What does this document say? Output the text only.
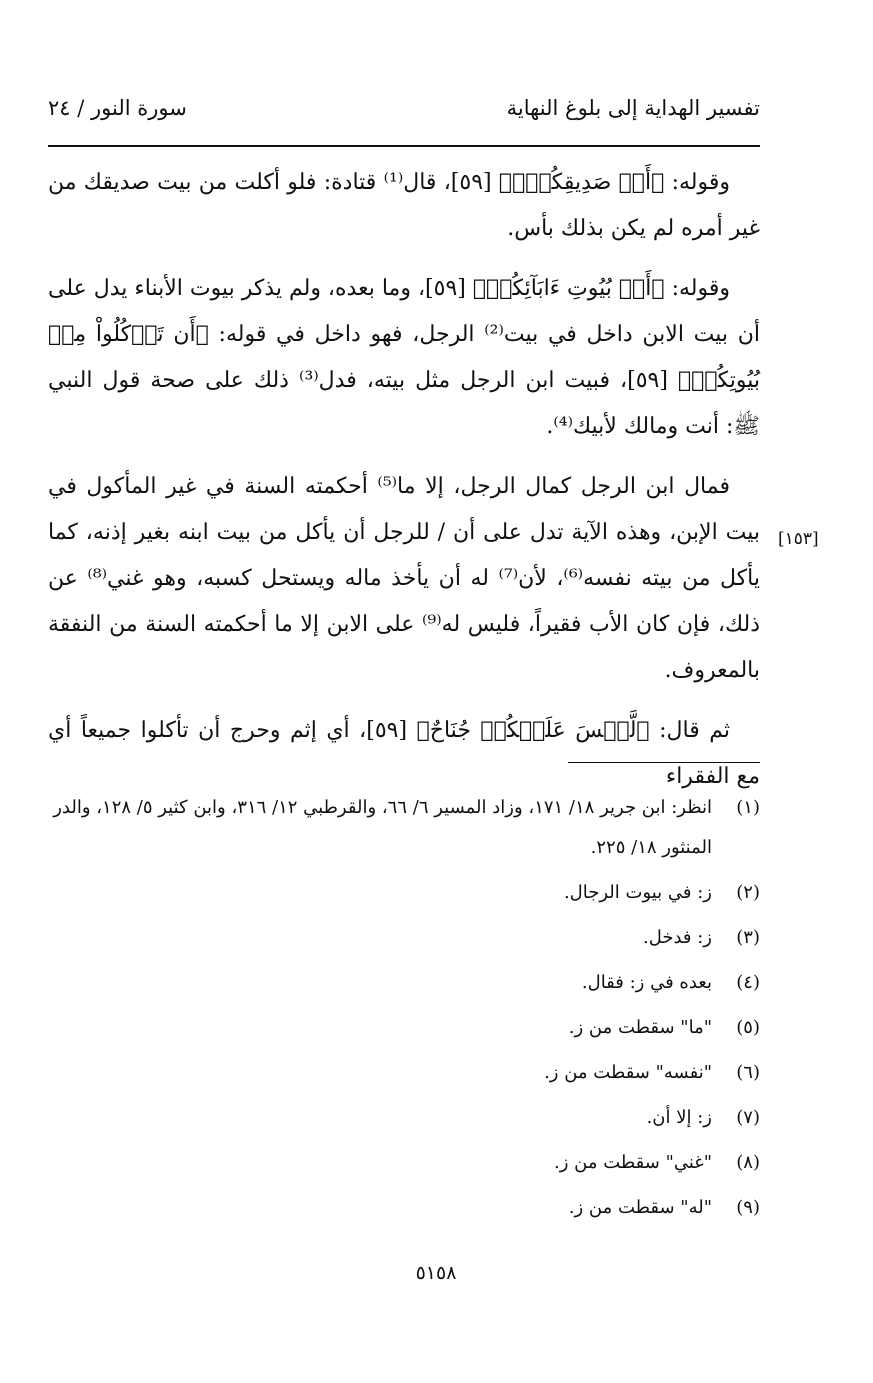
تفسير الهداية إلى بلوغ النهاية
سورة النور / ٢٤

وقوله: ﴿أَوۡ صَدِيقِكُمۡۚ﴾ [٥٩]، قال⁽¹⁾ قتادة: فلو أكلت من بيت صديقك من غير أمره لم يكن بذلك بأس.

وقوله: ﴿أَوۡ بُيُوتِ ءَابَآئِكُمۡ﴾ [٥٩]، وما بعده، ولم يذكر بيوت الأبناء يدل على أن بيت الابن داخل في بيت⁽²⁾ الرجل، فهو داخل في قوله: ﴿أَن تَأۡكُلُواْ مِنۢ بُيُوتِكُمۡ﴾ [٥٩]، فبيت ابن الرجل مثل بيته، فدل⁽³⁾ ذلك على صحة قول النبي ﷺ: أنت ومالك لأبيك⁽⁴⁾.

فمال ابن الرجل كمال الرجل، إلا ما⁽⁵⁾ أحكمته السنة في غير المأكول في بيت الإبن، وهذه الآية تدل على أن / للرجل أن يأكل من بيت ابنه بغير إذنه، كما يأكل من بيته نفسه⁽⁶⁾، لأن⁽⁷⁾ له أن يأخذ ماله ويستحل كسبه، وهو غني⁽⁸⁾ عن ذلك، فإن كان الأب فقيراً، فليس له⁽⁹⁾ على الابن إلا ما أحكمته السنة من النفقة بالمعروف.

ثم قال: ﴿لَّيۡسَ عَلَيۡكُمۡ جُنَاحٌ﴾ [٥٩]، أي إثم وحرج أن تأكلوا جميعاً أي مع الفقراء

[١٥٣]
(١)
انظر: ابن جرير ١٨/ ١٧١، وزاد المسير ٦/ ٦٦، والقرطبي ١٢/ ٣١٦، وابن كثير ٥/ ١٢٨، والدر المنثور ١٨/ ٢٢٥.
(٢)
ز: في بيوت الرجال.
(٣)
ز: فدخل.
(٤)
بعده في ز: فقال.
(٥)
"ما" سقطت من ز.
(٦)
"نفسه" سقطت من ز.
(٧)
ز: إلا أن.
(٨)
"غني" سقطت من ز.
(٩)
"له" سقطت من ز.
٥١٥٨
